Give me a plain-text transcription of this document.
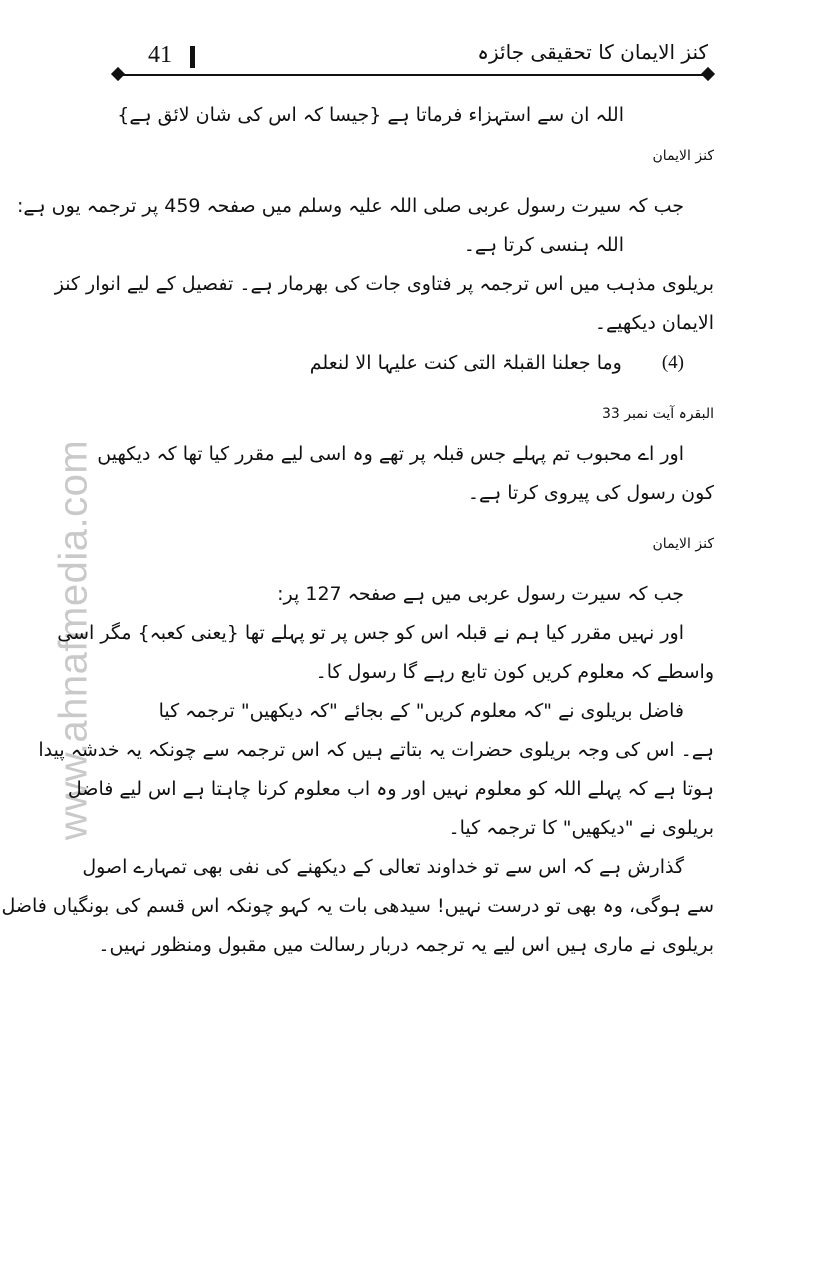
www.ahnafmedia.com
41	کنز الایمان کا تحقیقی جائزہ

اللہ ان سے استہزاء فرماتا ہے {جیسا کہ اس کی شان لائق ہے}

کنز الایمان

جب کہ سیرت رسول عربی صلی اللہ علیہ وسلم میں صفحہ 459 پر ترجمہ یوں ہے:

اللہ ہنسی کرتا ہے۔

بریلوی مذہب میں اس ترجمہ پر فتاوی جات کی بھرمار ہے۔ تفصیل کے لیے انوار کنز

الایمان دیکھیے۔

(4)
وما جعلنا القبلۃ التی کنت علیہا الا لنعلم

البقرہ آیت نمبر 33

اور اے محبوب تم پہلے جس قبلہ پر تھے وہ اسی لیے مقرر کیا تھا کہ دیکھیں

کون رسول کی پیروی کرتا ہے۔

کنز الایمان

جب کہ سیرت رسول عربی میں ہے صفحہ 127 پر:

اور نہیں مقرر کیا ہم نے قبلہ اس کو جس پر تو پہلے تھا {یعنی کعبہ} مگر اسی

واسطے کہ معلوم کریں کون تابع رہے گا رسول کا۔

فاضل بریلوی نے "کہ معلوم کریں" کے بجائے "کہ دیکھیں" ترجمہ کیا

ہے۔ اس کی وجہ بریلوی حضرات یہ بتاتے ہیں کہ اس ترجمہ سے چونکہ یہ خدشہ پیدا

ہوتا ہے کہ پہلے اللہ کو معلوم نہیں اور وہ اب معلوم کرنا چاہتا ہے اس لیے فاضل

بریلوی نے "دیکھیں" کا ترجمہ کیا۔

گذارش ہے کہ اس سے تو خداوند تعالی کے دیکھنے کی نفی بھی تمہارے اصول

سے ہوگی، وہ بھی تو درست نہیں! سیدھی بات یہ کہو چونکہ اس قسم کی بونگیاں فاضل

بریلوی نے ماری ہیں اس لیے یہ ترجمہ دربار رسالت میں مقبول ومنظور نہیں۔
